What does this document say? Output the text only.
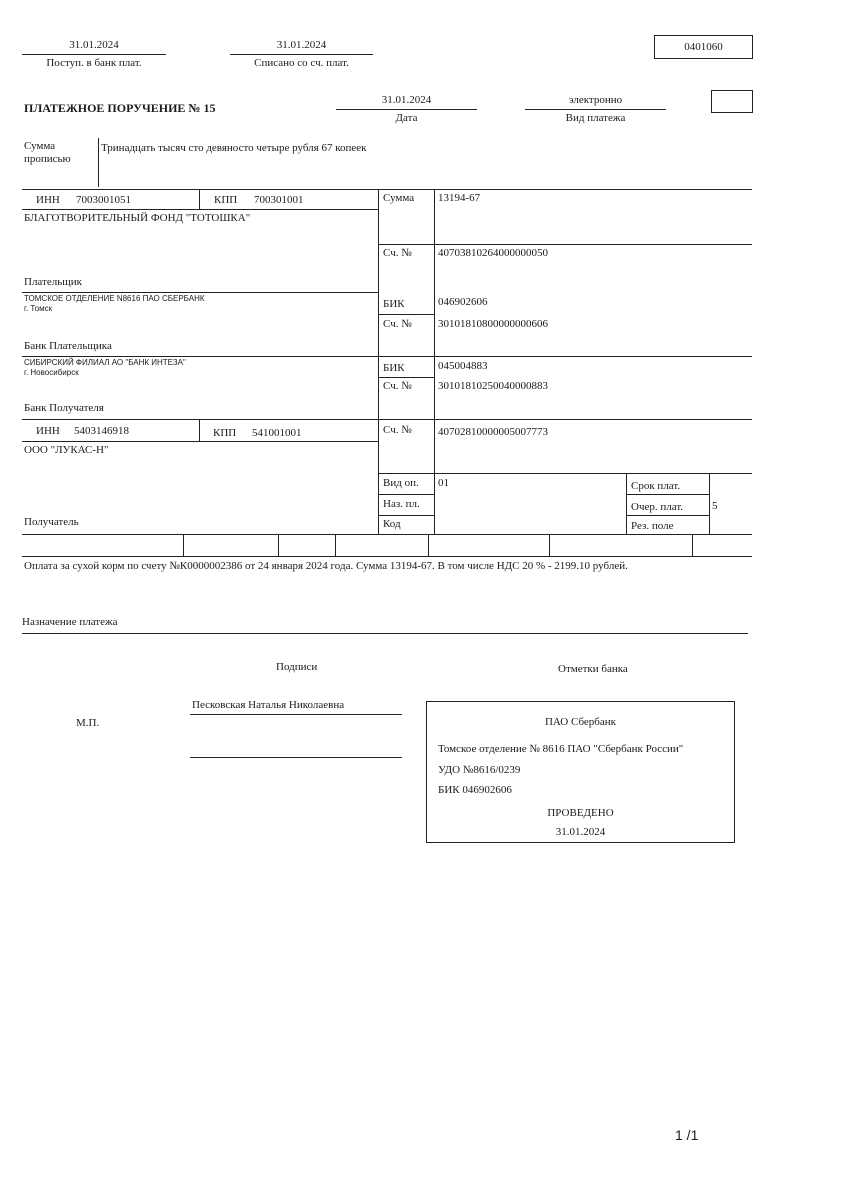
31.01.2024
Поступ. в банк плат.
31.01.2024
Списано со сч. плат.
0401060
ПЛАТЕЖНОЕ ПОРУЧЕНИЕ № 15
31.01.2024
Дата
электронно
Вид платежа
Сумма
прописью
Тринадцать тысяч сто девяносто четыре рубля 67 копеек
ИНН 7003001051	КПП 700301001
БЛАГОТВОРИТЕЛЬНЫЙ ФОНД "ТОТОШКА"
Сумма 13194-67
Сч. № 40703810264000000050
Плательщик
ТОМСКОЕ ОТДЕЛЕНИЕ N8616 ПАО СБЕРБАНК
г. Томск	БИК	046902606
Сч. № 30101810800000000606
Банк Плательщика
СИБИРСКИЙ ФИЛИАЛ АО "БАНК ИНТЕЗА"
г. Новосибирск	БИК	045004883
Сч. № 30101810250040000883
Банк Получателя
ИНН 5403146918	КПП 541001001
ООО "ЛУКАС-Н"
Сч. № 40702810000005007773
Вид оп. 01	Срок плат.
Наз. пл.	Очер. плат.	5
Код	Рез. поле
Получатель
Оплата за сухой корм по счету №К0000002386 от 24 января 2024 года. Сумма 13194-67. В том числе НДС 20 % - 2199.10 рублей.
Назначение платежа
Подписи	Отметки банка
М.П.
Песковская Наталья Николаевна
ПАО Сбербанк
Томское отделение № 8616 ПАО "Сбербанк России"
УДО №8616/0239
БИК 046902606
ПРОВЕДЕНО
31.01.2024
1 /1
